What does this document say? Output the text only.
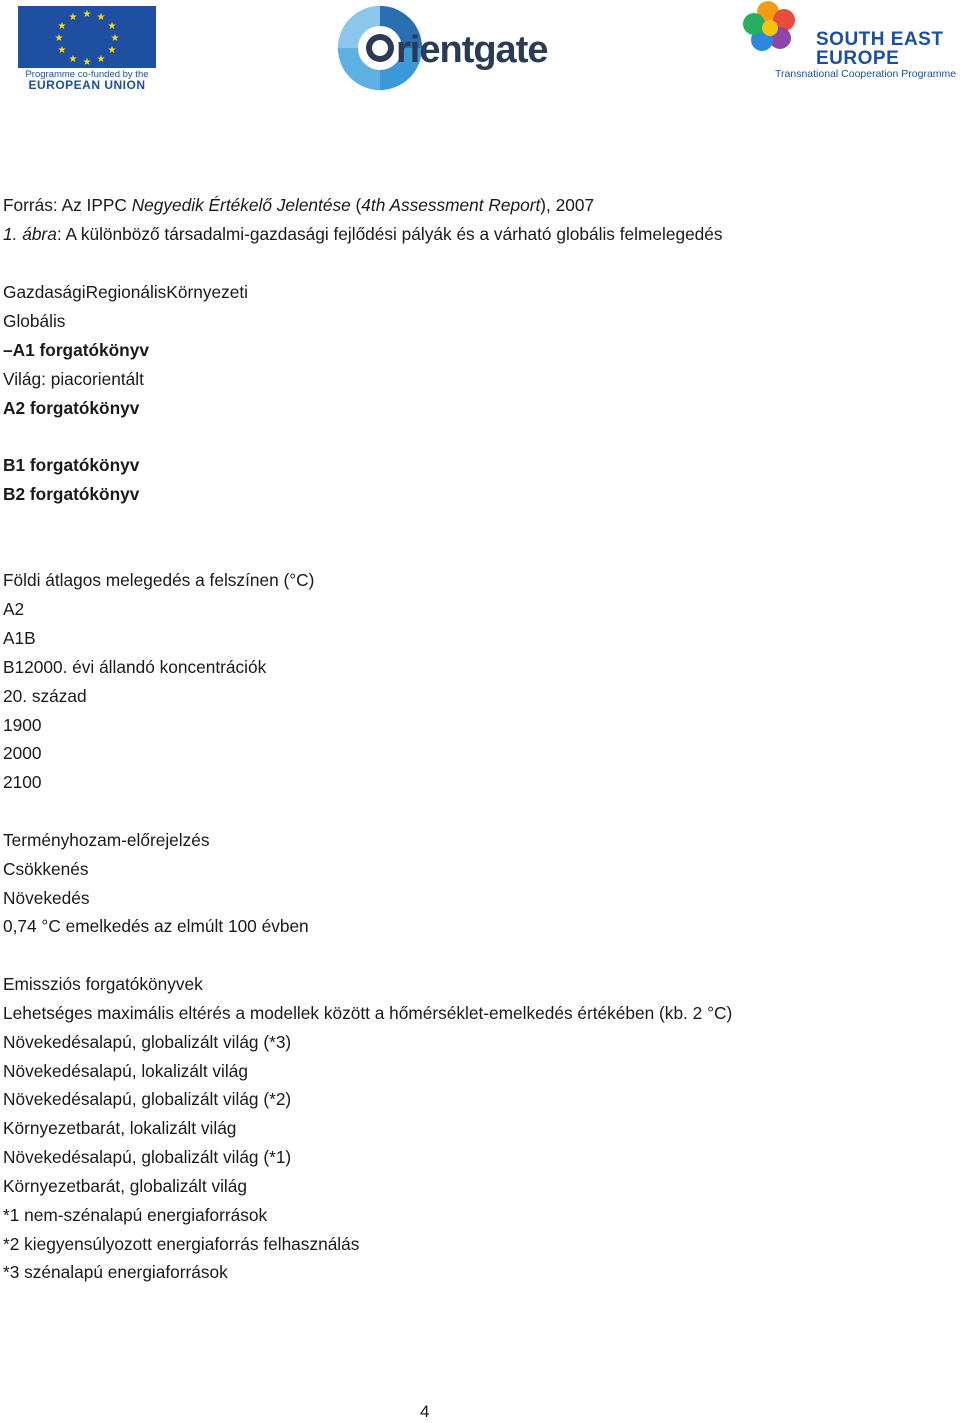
★ ★
★
★
★
★
★
★
★
★
★
★
Programme co-funded by the
EUROPEAN UNION
rientgate	SOUTH EAST
EUROPE
Transnational Cooperation Programme
Forrás: Az IPPC Negyedik Értékelő Jelentése (4th Assessment Report), 2007
1. ábra: A különböző társadalmi-gazdasági fejlődési pályák és a várható globális felmelegedés
GazdaságiRegionálisKörnyezeti
Globális
–A1 forgatókönyv
Világ: piacorientált
A2 forgatókönyv
B1 forgatókönyv
B2 forgatókönyv
Földi átlagos melegedés a felszínen (°C)
A2
A1B
B12000. évi állandó koncentrációk
20. század
1900
2000
2100
Terményhozam-előrejelzés
Csökkenés
Növekedés
0,74 °C emelkedés az elmúlt 100 évben
Emissziós forgatókönyvek
Lehetséges maximális eltérés a modellek között a hőmérséklet-emelkedés értékében (kb. 2 °C)
Növekedésalapú, globalizált világ (*3)
Növekedésalapú, lokalizált világ
Növekedésalapú, globalizált világ (*2)
Környezetbarát, lokalizált világ
Növekedésalapú, globalizált világ (*1)
Környezetbarát, globalizált világ
*1 nem-szénalapú energiaforrások
*2 kiegyensúlyozott energiaforrás felhasználás
*3 szénalapú energiaforrások
4
